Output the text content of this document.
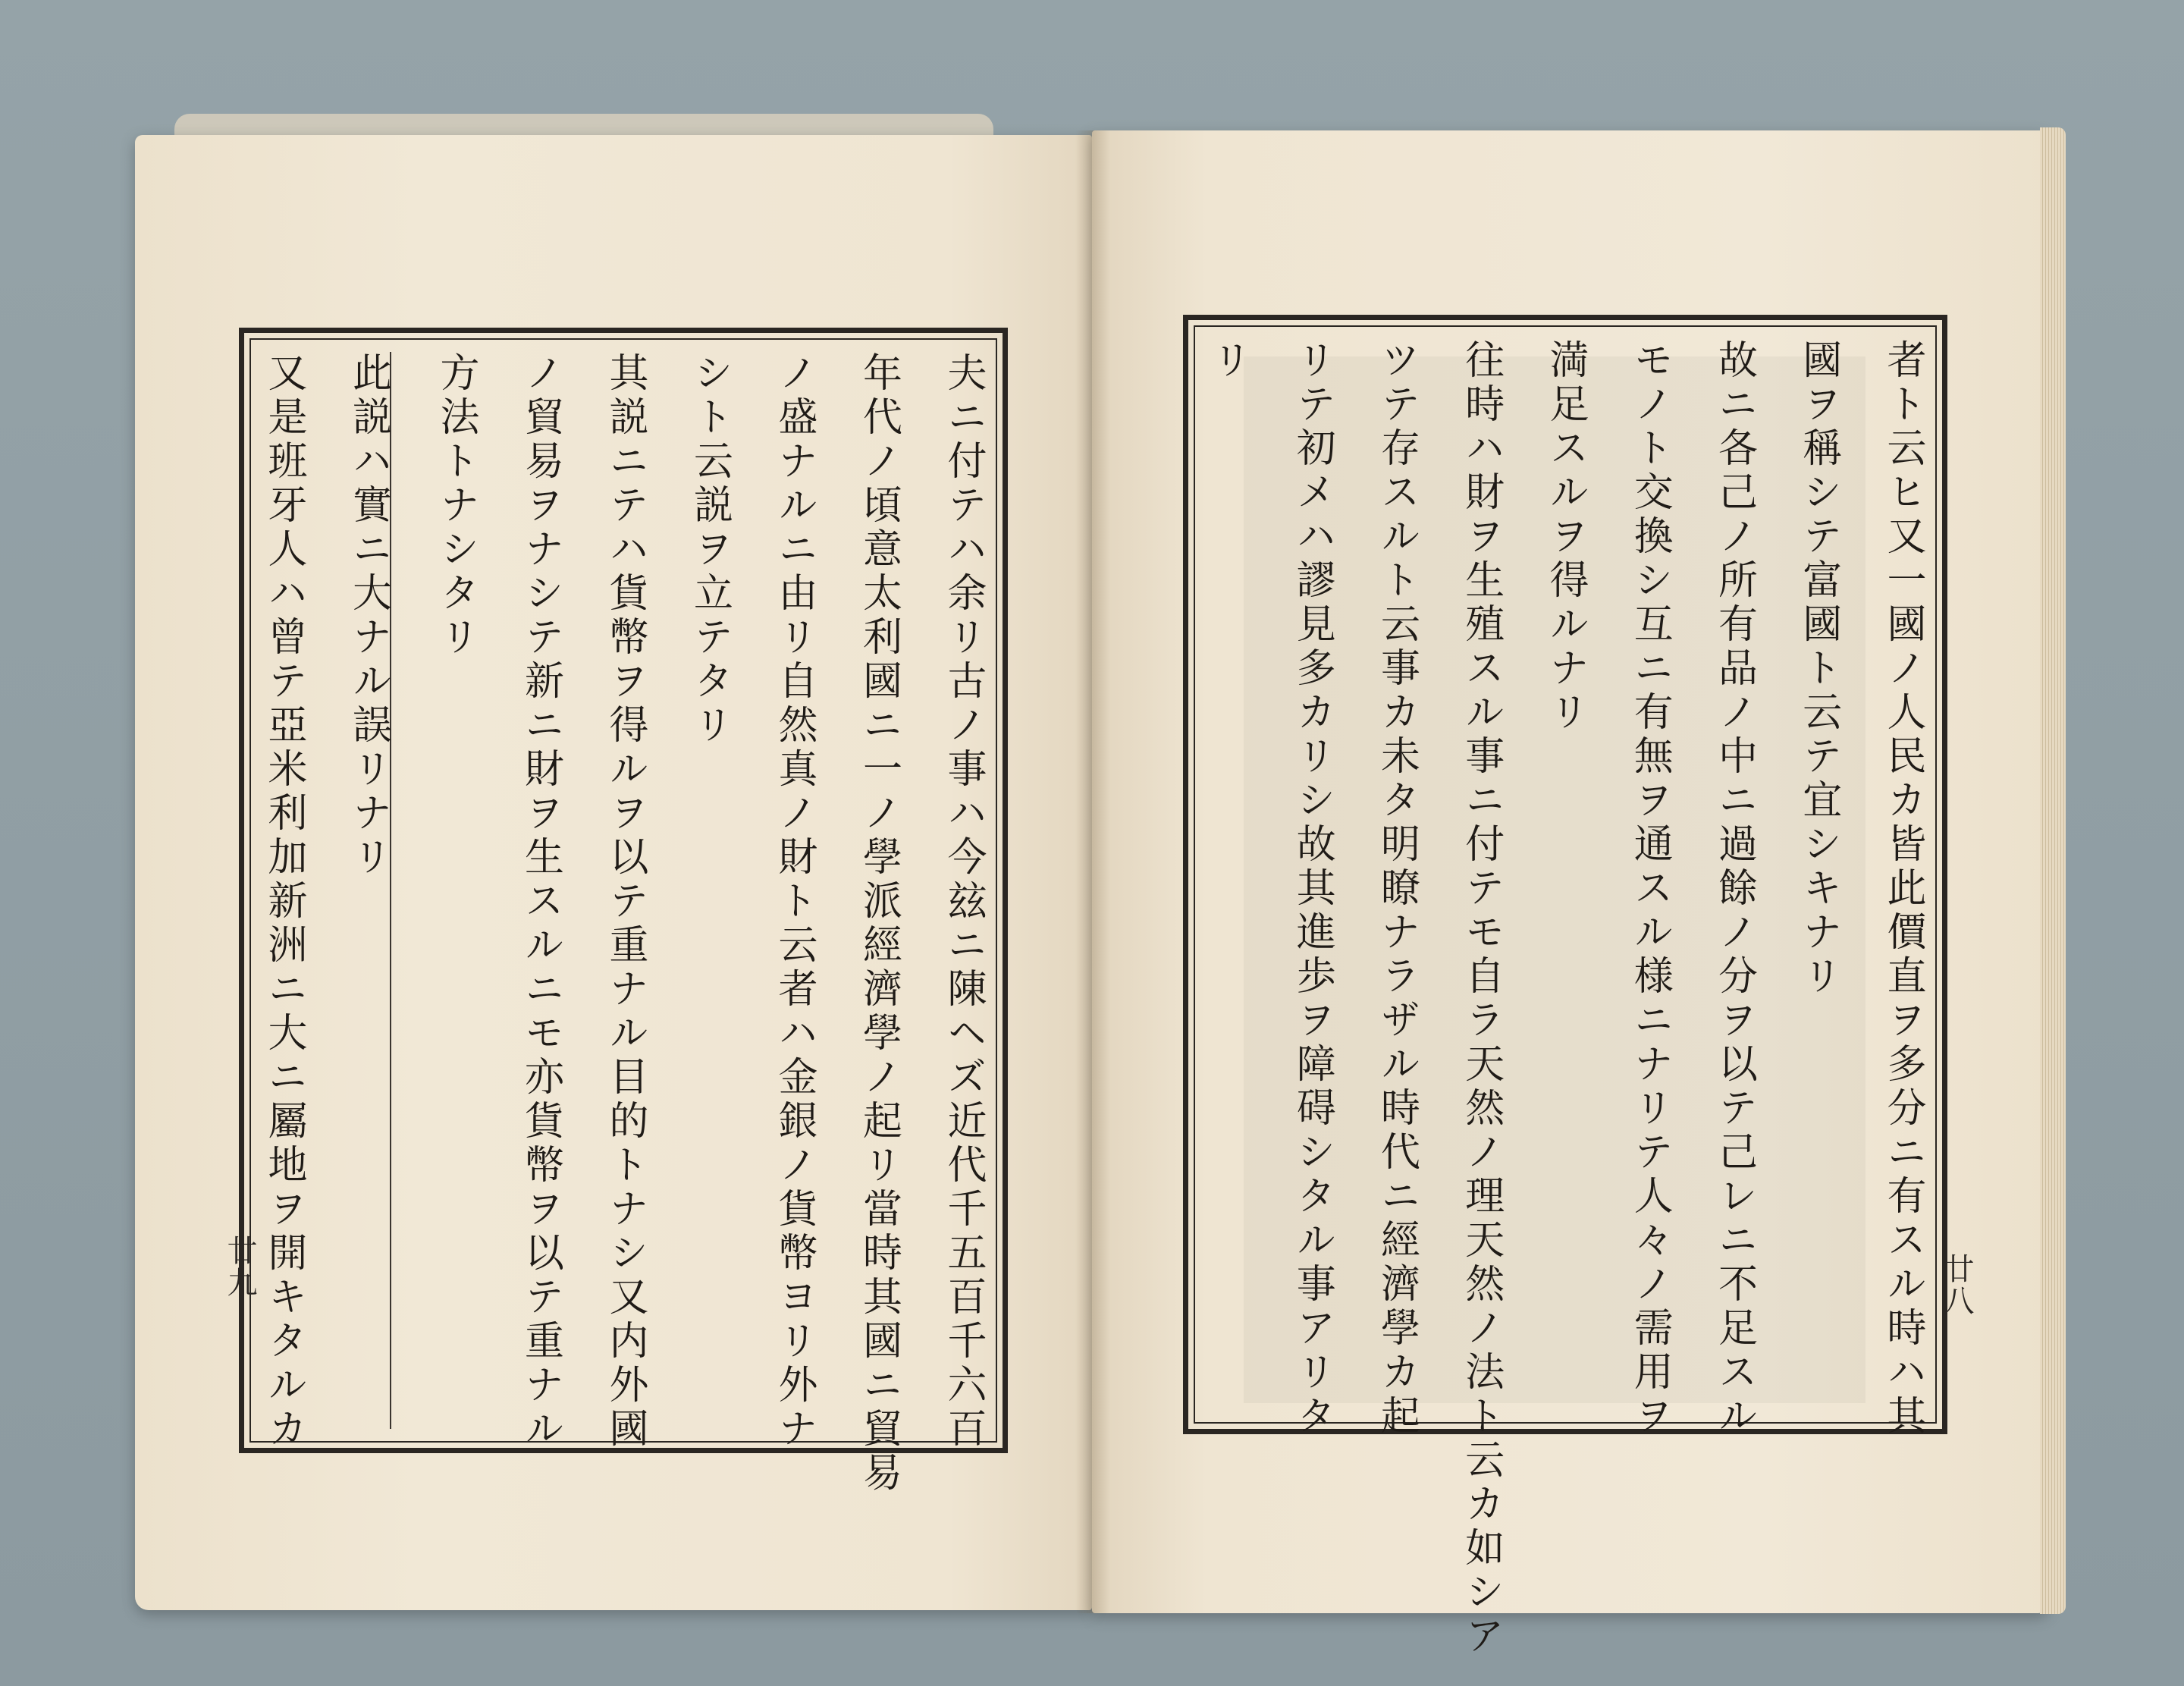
夫ニ付テハ余リ古ノ事ハ今玆ニ陳ヘズ近代千五百千六百
年代ノ頃意太利國ニ一ノ學派經濟學ノ起リ當時其國ニ貿易
ノ盛ナルニ由リ自然真ノ財ト云者ハ金銀ノ貨幣ヨリ外ナ
シト云説ヲ立テタリ
其説ニテハ貨幣ヲ得ルヲ以テ重ナル目的トナシ又内外國
ノ貿易ヲナシテ新ニ財ヲ生スルニモ亦貨幣ヲ以テ重ナル
方法トナシタリ
此説ハ實ニ大ナル誤リナリ
又是班牙人ハ曾テ亞米利加新洲ニ大ニ屬地ヲ開キタルカ	者ト云ヒ又一國ノ人民カ皆此價直ヲ多分ニ有スル時ハ其
國ヲ稱シテ富國ト云テ宜シキナリ
故ニ各己ノ所有品ノ中ニ過餘ノ分ヲ以テ己レニ不足スル
モノト交換シ互ニ有無ヲ通スル様ニナリテ人々ノ需用ヲ
満足スルヲ得ルナリ
往時ハ財ヲ生殖スル事ニ付テモ自ラ天然ノ理天然ノ法ト云カ如シア
ツテ存スルト云事カ未タ明瞭ナラザル時代ニ經濟學カ起
リテ初メハ謬見多カリシ故其進歩ヲ障碍シタル事アリタ
リ
廿九	廿八
